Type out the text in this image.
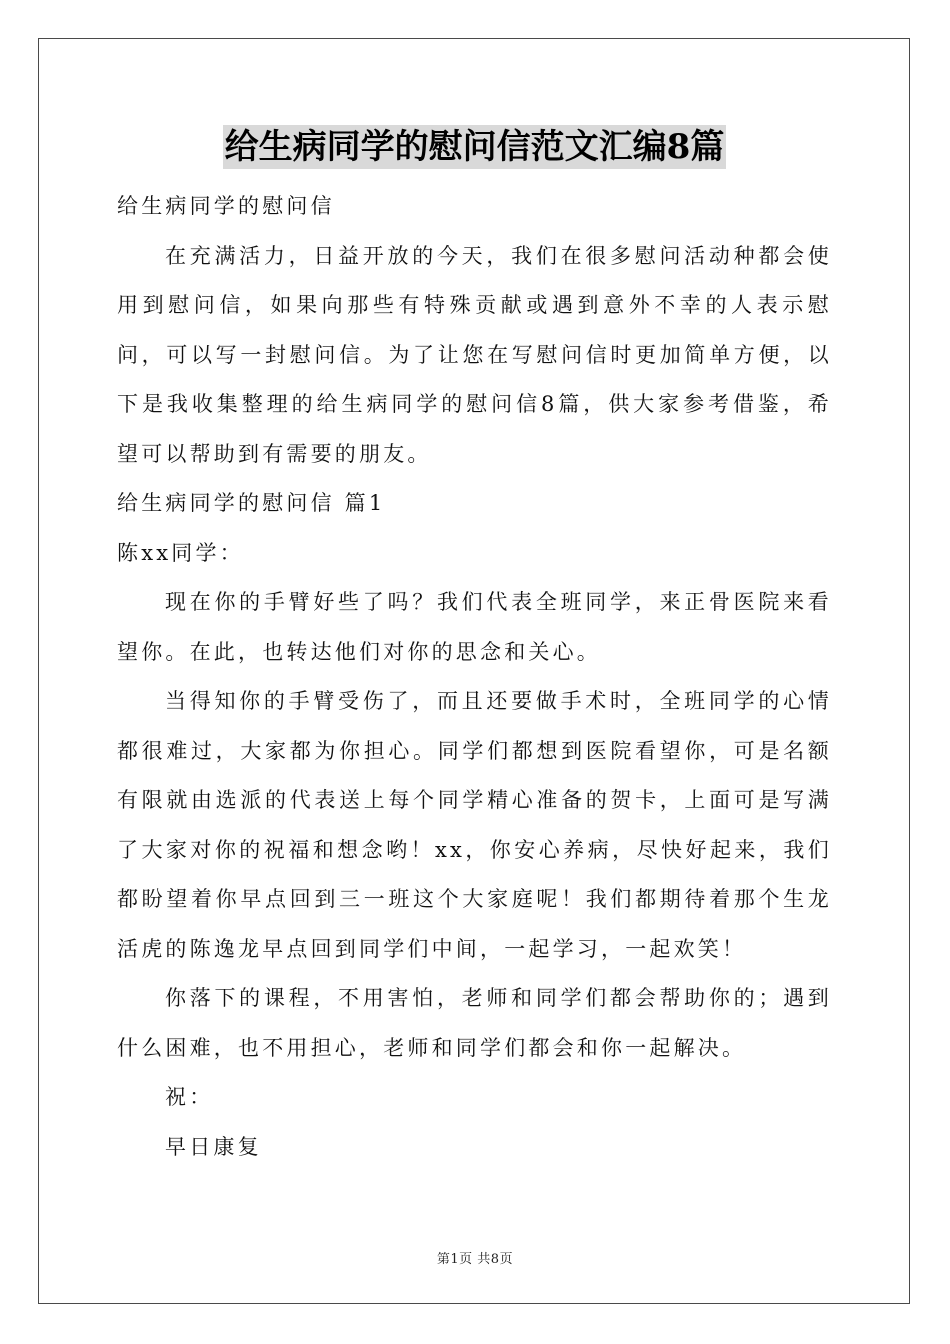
给生病同学的慰问信范文汇编8篇

给生病同学的慰问信

在充满活力，日益开放的今天，我们在很多慰问活动种都会使用到慰问信，如果向那些有特殊贡献或遇到意外不幸的人表示慰问，可以写一封慰问信。为了让您在写慰问信时更加简单方便，以下是我收集整理的给生病同学的慰问信8篇，供大家参考借鉴，希望可以帮助到有需要的朋友。

给生病同学的慰问信 篇1

陈xx同学：

现在你的手臂好些了吗？我们代表全班同学，来正骨医院来看望你。在此，也转达他们对你的思念和关心。

当得知你的手臂受伤了，而且还要做手术时，全班同学的心情都很难过，大家都为你担心。同学们都想到医院看望你，可是名额有限就由选派的代表送上每个同学精心准备的贺卡，上面可是写满了大家对你的祝福和想念哟！xx，你安心养病，尽快好起来，我们都盼望着你早点回到三一班这个大家庭呢！我们都期待着那个生龙活虎的陈逸龙早点回到同学们中间，一起学习，一起欢笑！

你落下的课程，不用害怕，老师和同学们都会帮助你的；遇到什么困难，也不用担心，老师和同学们都会和你一起解决。

祝：

早日康复

第1页 共8页
